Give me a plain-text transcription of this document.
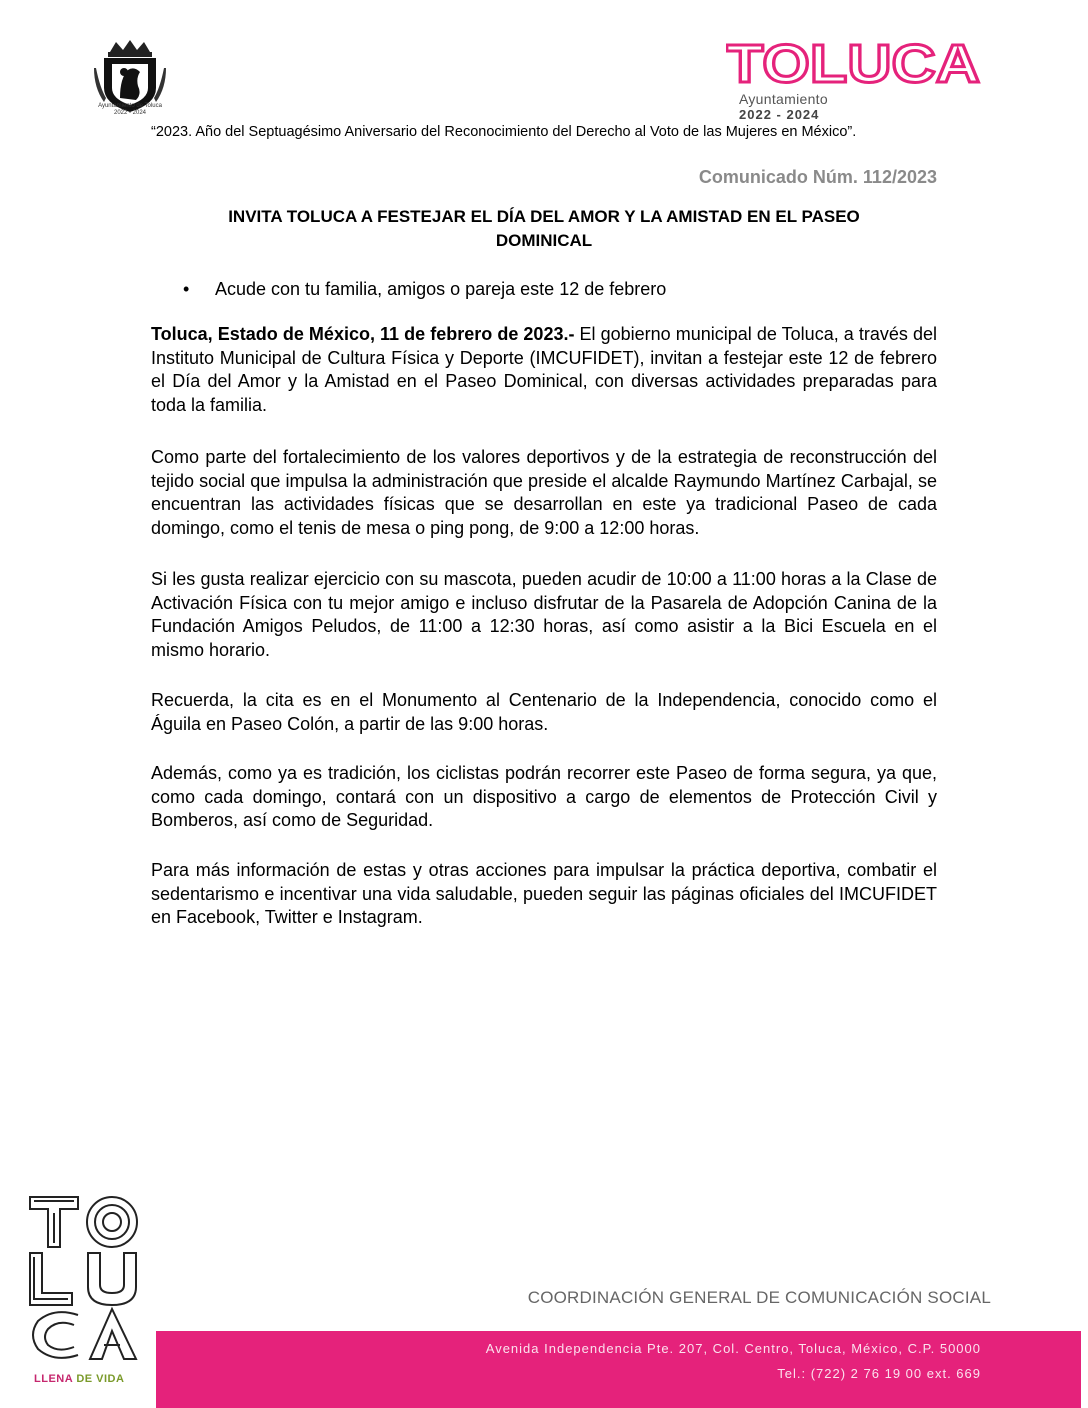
Ayuntamiento de Toluca
2022 - 2024
TOLUCA
Ayuntamiento
2022 - 2024
“2023. Año del Septuagésimo Aniversario del Reconocimiento del Derecho al Voto de las Mujeres en México”.
Comunicado Núm. 112/2023
INVITA TOLUCA A FESTEJAR EL DÍA DEL AMOR Y LA AMISTAD EN EL PASEO
DOMINICAL
• Acude con tu familia, amigos o pareja este 12 de febrero
Toluca, Estado de México, 11 de febrero de 2023.- El gobierno municipal de Toluca, a través del Instituto Municipal de Cultura Física y Deporte (IMCUFIDET), invitan a festejar este 12 de febrero el Día del Amor y la Amistad en el Paseo Dominical, con diversas actividades preparadas para toda la familia.
Como parte del fortalecimiento de los valores deportivos y de la estrategia de reconstrucción del tejido social que impulsa la administración que preside el alcalde Raymundo Martínez Carbajal, se encuentran las actividades físicas que se desarrollan en este ya tradicional Paseo de cada domingo, como el tenis de mesa o ping pong, de 9:00 a 12:00 horas.
Si les gusta realizar ejercicio con su mascota, pueden acudir de 10:00 a 11:00 horas a la Clase de Activación Física con tu mejor amigo e incluso disfrutar de la Pasarela de Adopción Canina de la Fundación Amigos Peludos, de 11:00 a 12:30 horas, así como asistir a la Bici Escuela en el mismo horario.
Recuerda, la cita es en el Monumento al Centenario de la Independencia, conocido como el Águila en Paseo Colón, a partir de las 9:00 horas.
Además, como ya es tradición, los ciclistas podrán recorrer este Paseo de forma segura, ya que, como cada domingo, contará con un dispositivo a cargo de elementos de Protección Civil y Bomberos, así como de Seguridad.
Para más información de estas y otras acciones para impulsar la práctica deportiva, combatir el sedentarismo e incentivar una vida saludable, pueden seguir las páginas oficiales del IMCUFIDET en Facebook, Twitter e Instagram.
LLENA DE VIDA
COORDINACIÓN GENERAL DE COMUNICACIÓN SOCIAL
Avenida Independencia Pte. 207, Col. Centro, Toluca, México, C.P. 50000
Tel.: (722) 2 76 19 00 ext. 669
